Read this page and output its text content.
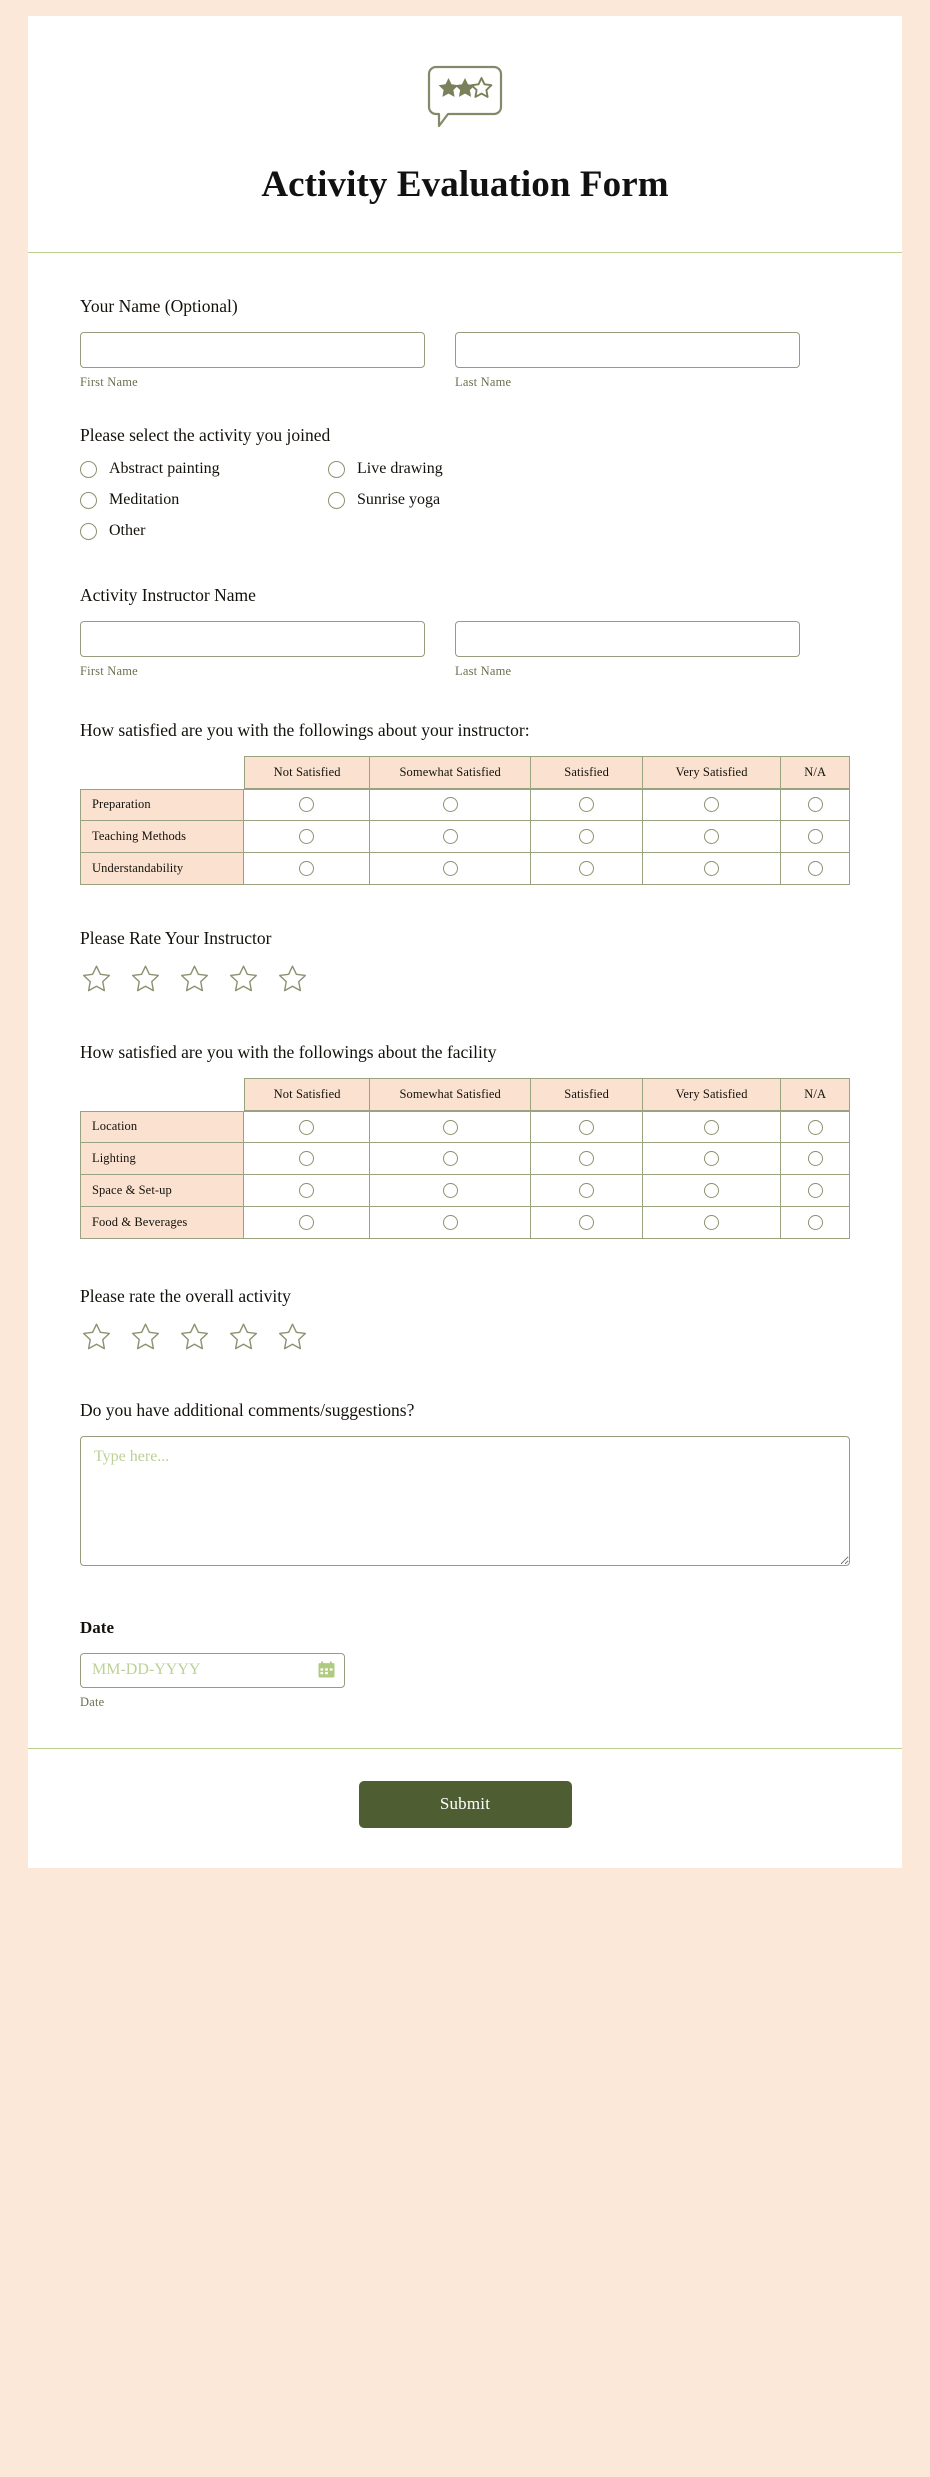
Activity Evaluation Form
Your Name (Optional)
First Name	Last Name
Please select the activity you joined
Abstract painting	Live drawing
Meditation	Sunrise yoga
Other
Activity Instructor Name
First Name	Last Name
How satisfied are you with the followings about your instructor:
	Not Satisfied	Somewhat Satisfied	Satisfied	Very Satisfied	N/A
Preparation					
Teaching Methods					
Understandability					
Please Rate Your Instructor
How satisfied are you with the followings about the facility
	Not Satisfied	Somewhat Satisfied	Satisfied	Very Satisfied	N/A
Location					
Lighting					
Space & Set-up					
Food & Beverages					
Please rate the overall activity
Do you have additional comments/suggestions?
Type here...
Date
MM-DD-YYYY
Date
Submit
